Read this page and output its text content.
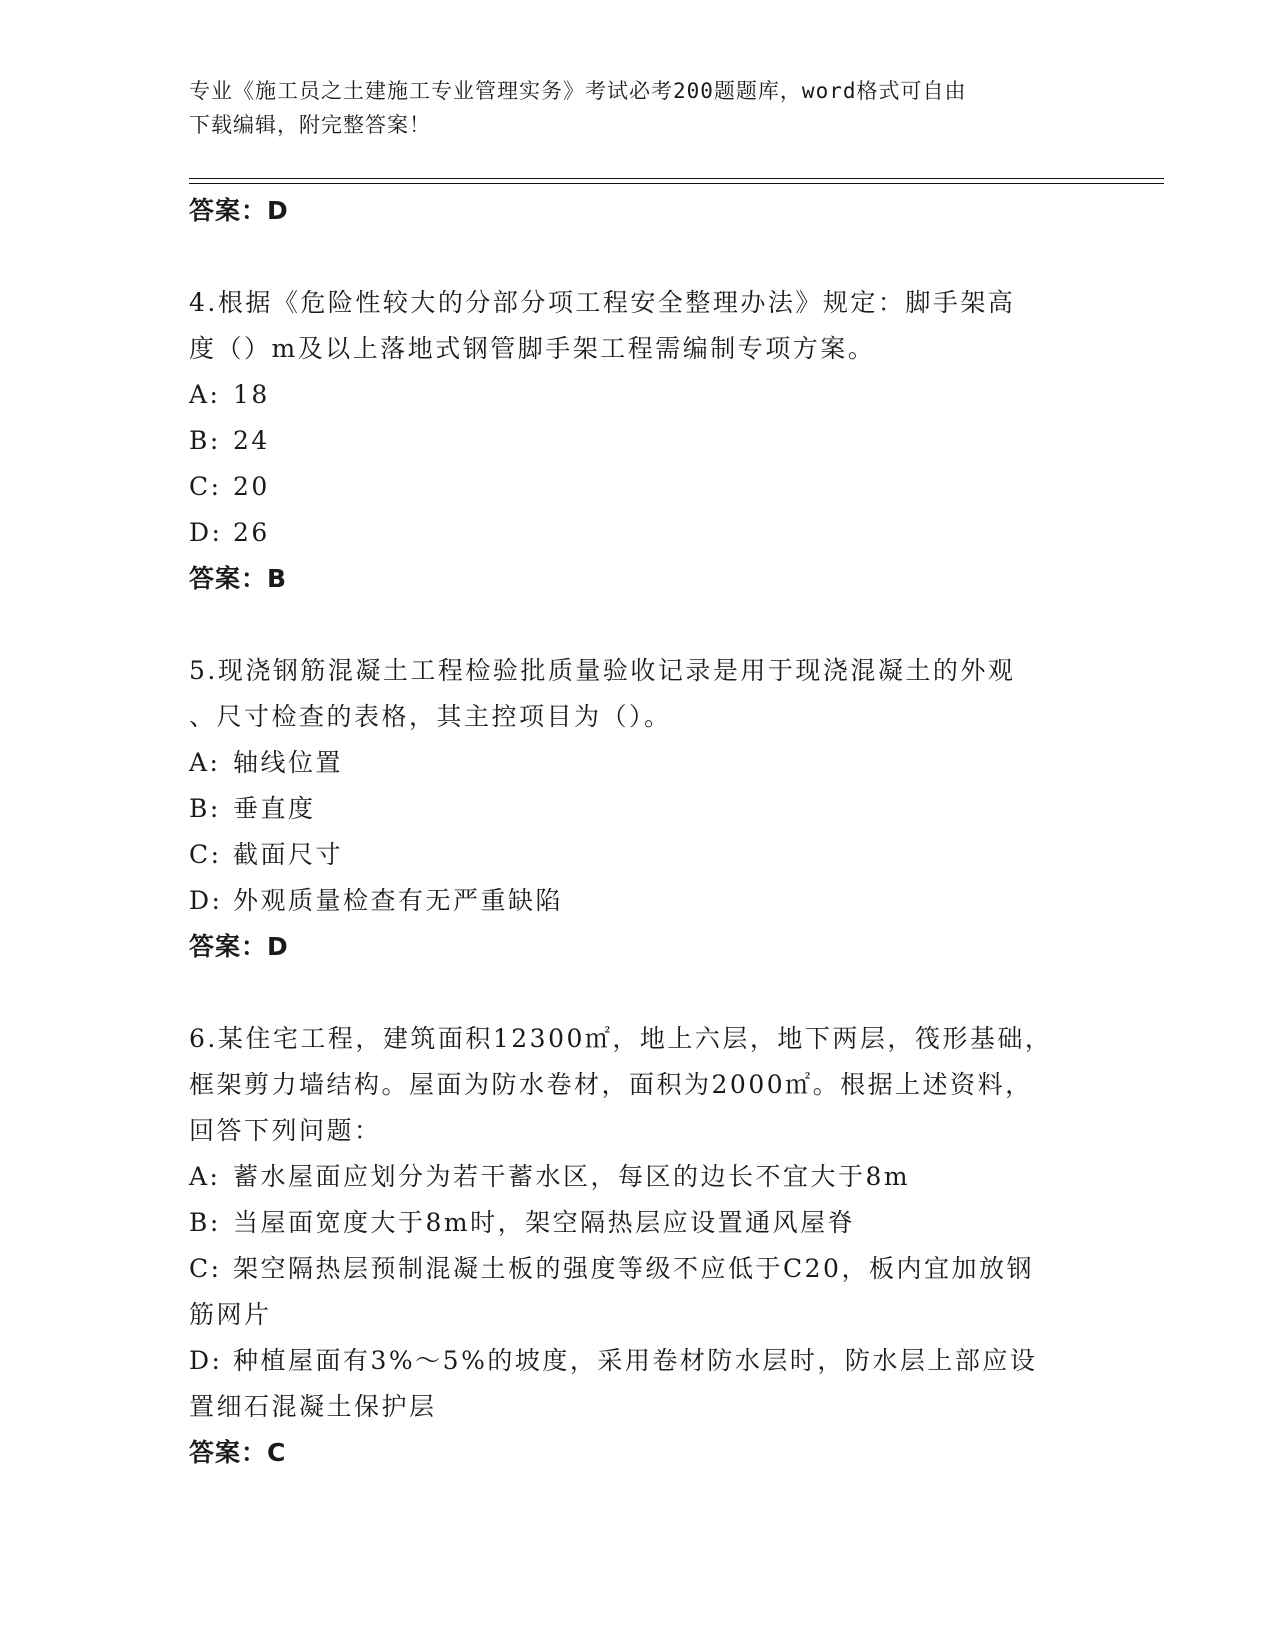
专业《施工员之土建施工专业管理实务》考试必考200题题库，word格式可自由
下载编辑，附完整答案！
答案：D
4.根据《危险性较大的分部分项工程安全整理办法》规定：脚手架高
度（）m及以上落地式钢管脚手架工程需编制专项方案。
A: 18
B: 24
C: 20
D: 26
答案：B
5.现浇钢筋混凝土工程检验批质量验收记录是用于现浇混凝土的外观
、尺寸检查的表格，其主控项目为（）。
A: 轴线位置
B: 垂直度
C: 截面尺寸
D: 外观质量检查有无严重缺陷
答案：D
6.某住宅工程，建筑面积12300㎡，地上六层，地下两层，筏形基础，
框架剪力墙结构。屋面为防水卷材，面积为2000㎡。根据上述资料，
回答下列问题：
A: 蓄水屋面应划分为若干蓄水区，每区的边长不宜大于8m
B: 当屋面宽度大于8m时，架空隔热层应设置通风屋脊
C: 架空隔热层预制混凝土板的强度等级不应低于C20，板内宜加放钢
筋网片
D: 种植屋面有3%～5%的坡度，采用卷材防水层时，防水层上部应设
置细石混凝土保护层
答案：C
